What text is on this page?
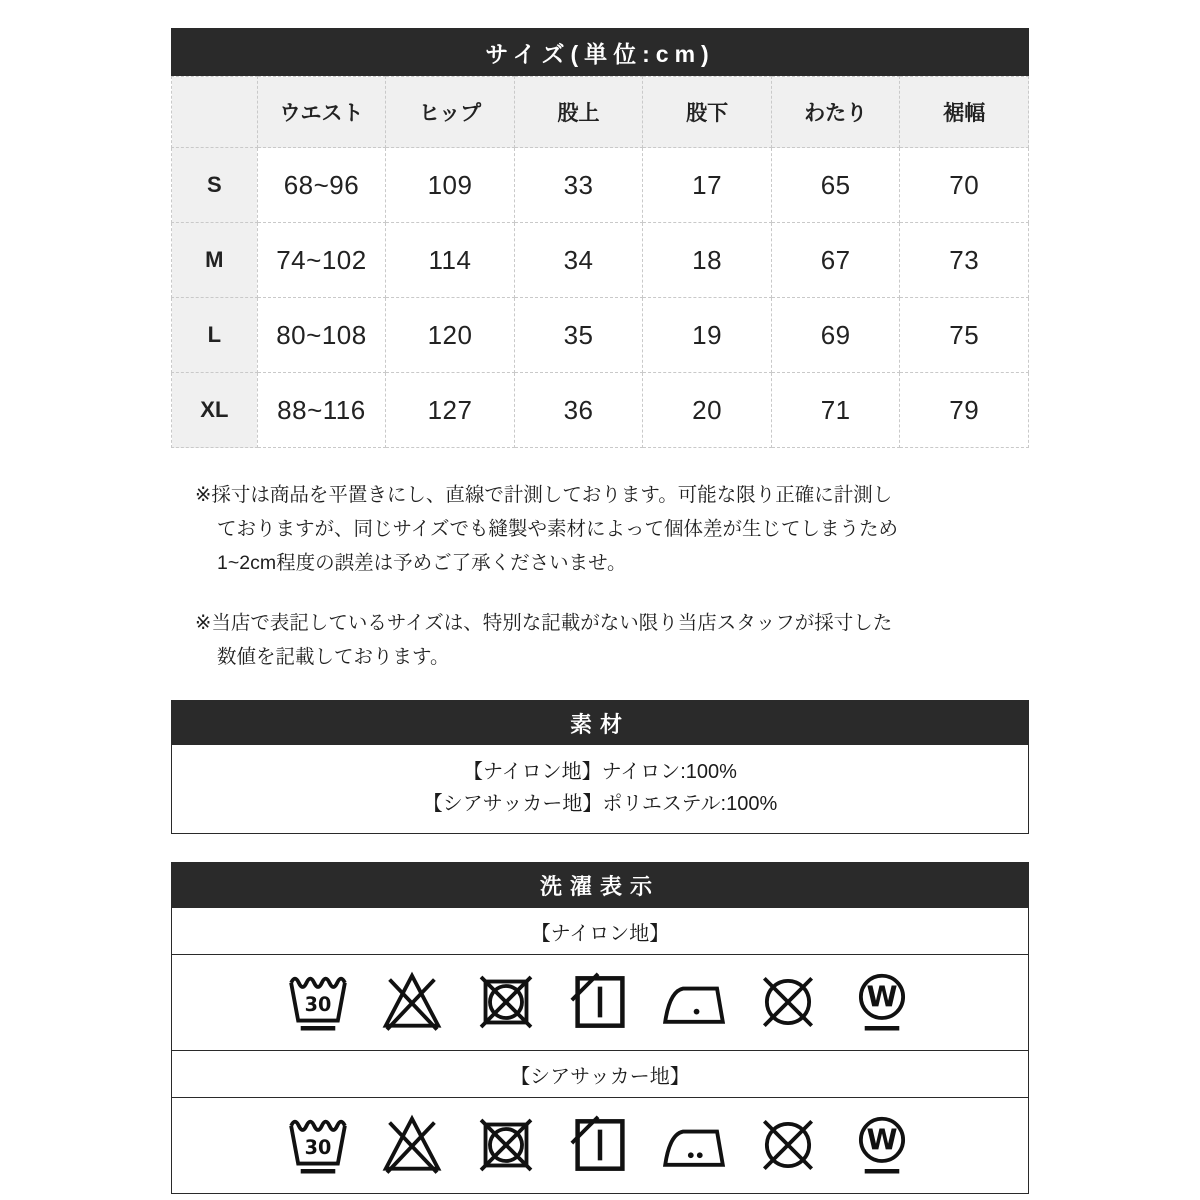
サイズ(単位:cm)
	ウエスト	ヒップ	股上	股下	わたり	裾幅
S	68~96	109	33	17	65	70
M	74~102	114	34	18	67	73
L	80~108	120	35	19	69	75
XL	88~116	127	36	20	71	79
※採寸は商品を平置きにし、直線で計測しております。可能な限り正確に計測し
ておりますが、同じサイズでも縫製や素材によって個体差が生じてしまうため
1~2cm程度の誤差は予めご了承くださいませ。
※当店で表記しているサイズは、特別な記載がない限り当店スタッフが採寸した
数値を記載しております。
素材
【ナイロン地】ナイロン:100%
【シアサッカー地】ポリエステル:100%
洗濯表示
【ナイロン地】
30	W
【シアサッカー地】
30	W
